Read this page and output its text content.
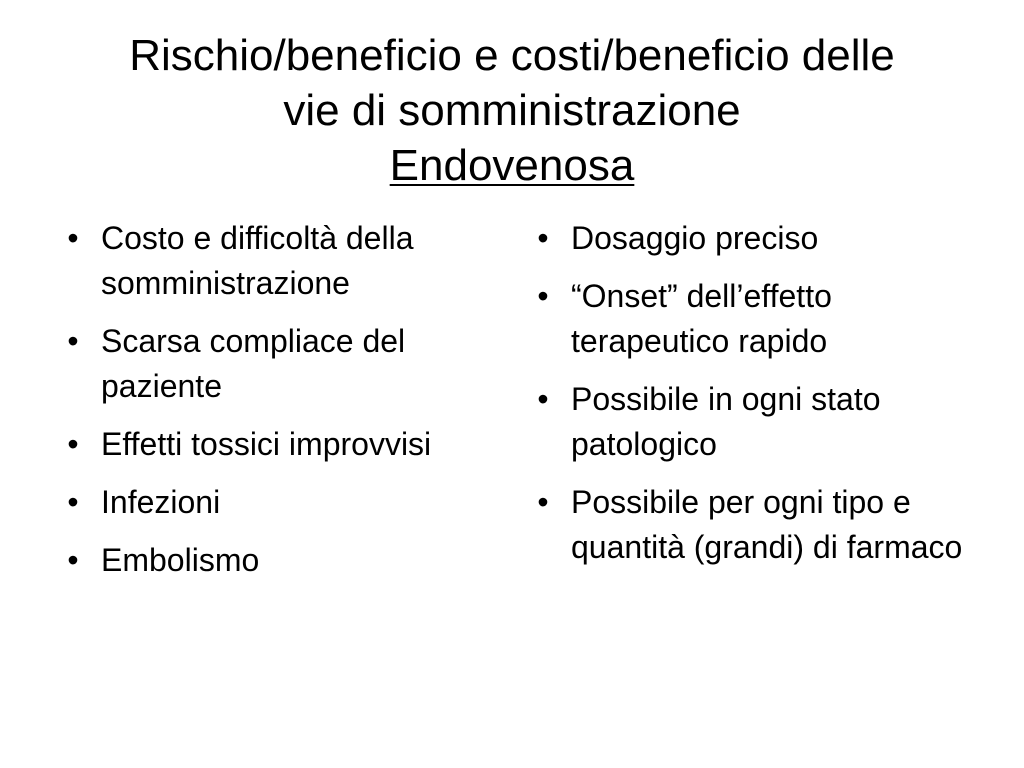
Rischio/beneficio e costi/beneficio delle
vie di somministrazione
Endovenosa
• Costo e difficoltà della somministrazione
• Scarsa compliace del paziente
• Effetti tossici improvvisi
• Infezioni
• Embolismo
• Dosaggio preciso
• “Onset” dell’effetto terapeutico rapido
• Possibile in ogni stato patologico
• Possibile per ogni tipo e quantità (grandi) di farmaco
